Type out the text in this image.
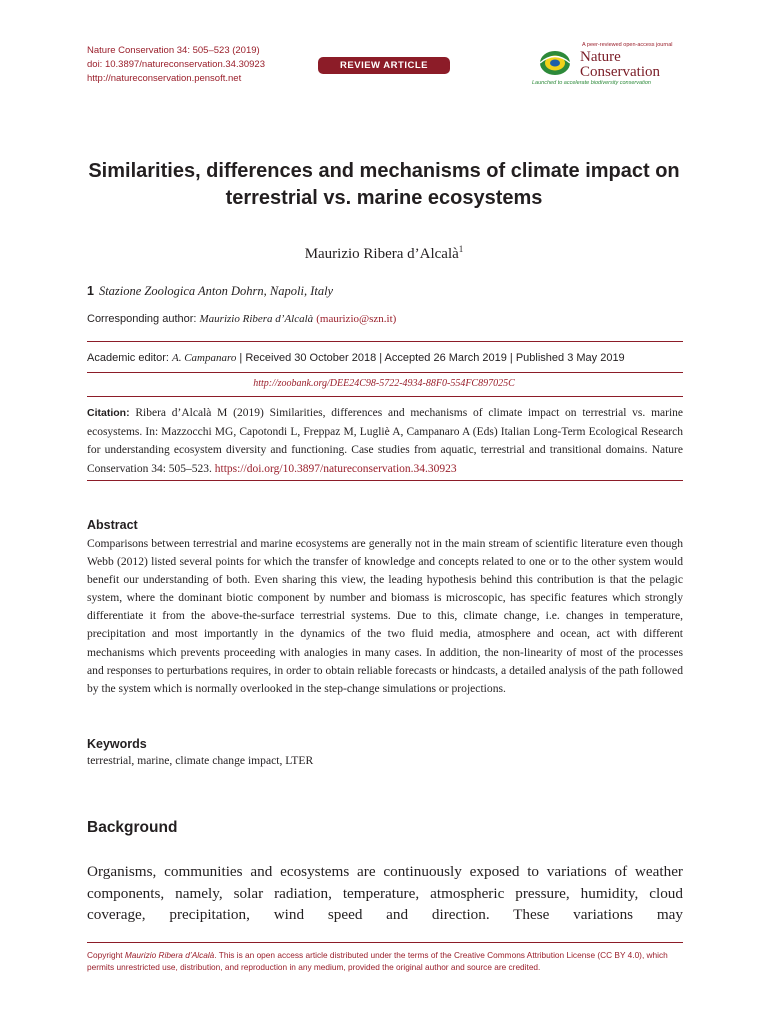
Nature Conservation 34: 505–523 (2019)
doi: 10.3897/natureconservation.34.30923
http://natureconservation.pensoft.net
REVIEW ARTICLE
A peer-reviewed open-access journal
Nature
Conservation
Launched to accelerate biodiversity conservation
Similarities, differences and mechanisms of climate impact on terrestrial vs. marine ecosystems
Maurizio Ribera d’Alcalà$^1$
1 Stazione Zoologica Anton Dohrn, Napoli, Italy
Corresponding author: Maurizio Ribera d’Alcalà (maurizio@szn.it)
Academic editor: A. Campanaro | Received 30 October 2018 | Accepted 26 March 2019 | Published 3 May 2019
http://zoobank.org/DEE24C98-5722-4934-88F0-554FC897025C
Citation: Ribera d’Alcalà M (2019) Similarities, differences and mechanisms of climate impact on terrestrial vs. marine ecosystems. In: Mazzocchi MG, Capotondi L, Freppaz M, Lugliè A, Campanaro A (Eds) Italian Long-Term Ecological Research for understanding ecosystem diversity and functioning. Case studies from aquatic, terrestrial and transitional domains. Nature Conservation 34: 505–523. https://doi.org/10.3897/natureconservation.34.30923
Abstract
Comparisons between terrestrial and marine ecosystems are generally not in the main stream of scientific literature even though Webb (2012) listed several points for which the transfer of knowledge and concepts related to one or to the other system would benefit our understanding of both. Even sharing this view, the leading hypothesis behind this contribution is that the pelagic system, where the dominant biotic component by number and biomass is microscopic, has specific features which strongly differentiate it from the above-the-surface terrestrial systems. Due to this, climate change, i.e. changes in temperature, precipitation and most importantly in the dynamics of the two fluid media, atmosphere and ocean, act with different mechanisms which prevents proceeding with analogies in many cases. In addition, the non-linearity of most of the processes and responses to perturbations requires, in order to obtain reliable forecasts or hindcasts, a detailed analysis of the path followed by the system which is normally overlooked in the step-change simulations or projections.
Keywords
terrestrial, marine, climate change impact, LTER
Background
Organisms, communities and ecosystems are continuously exposed to variations of weather components, namely, solar radiation, temperature, atmospheric pressure, humidity, cloud coverage, precipitation, wind speed and direction. These variations may
Copyright Maurizio Ribera d’Alcalà. This is an open access article distributed under the terms of the Creative Commons Attribution License (CC BY 4.0), which permits unrestricted use, distribution, and reproduction in any medium, provided the original author and source are credited.
